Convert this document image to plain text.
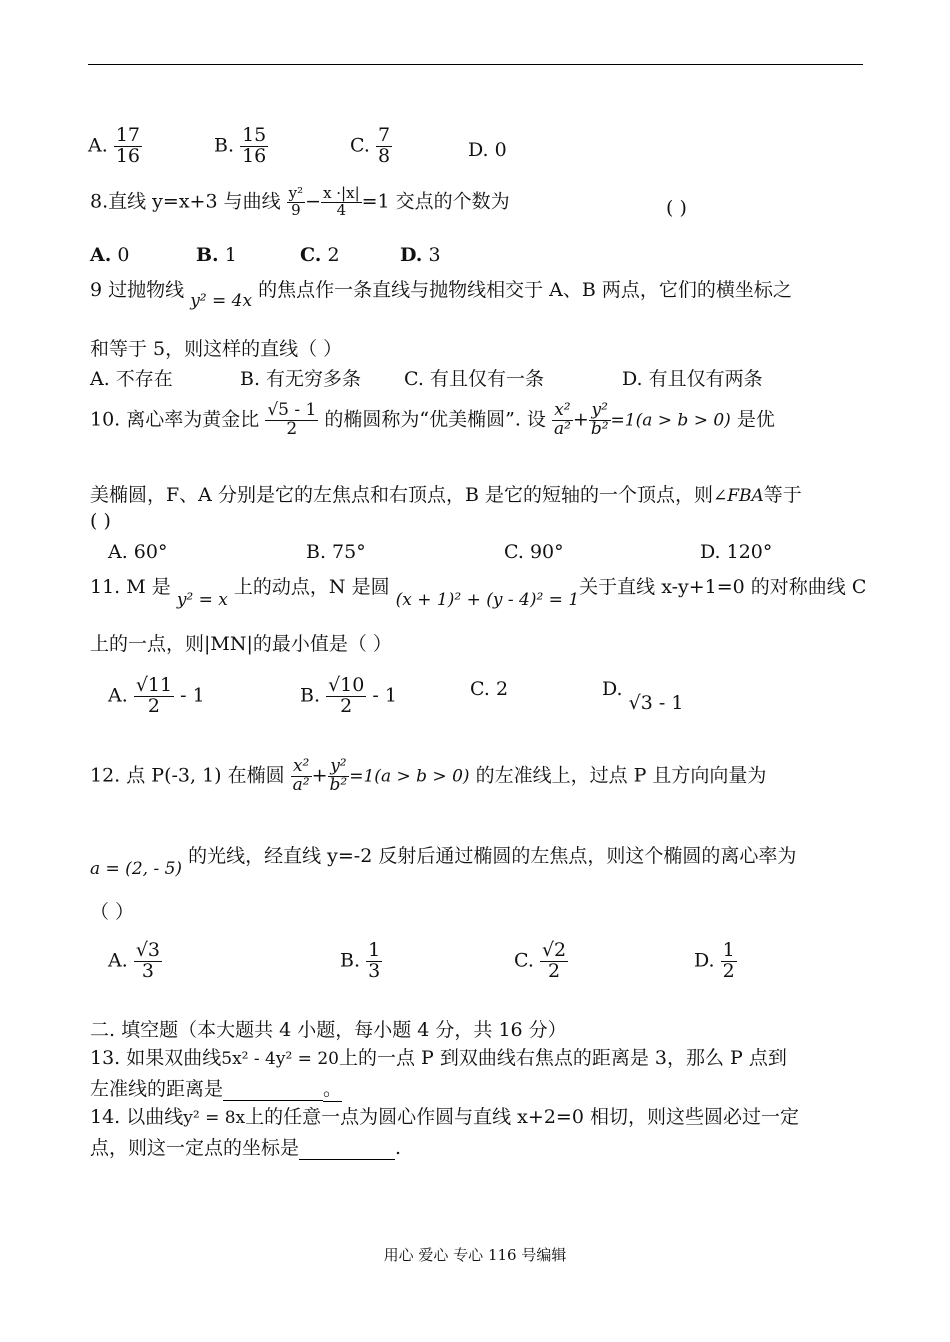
A. $\frac{17}{16}$	B. $\frac{15}{16}$	C. $\frac{7}{8}$	D. 0
8.直线 y=x+3 与曲线 $\frac{\text{y²}}{9} - \frac{x \cdot|x|}{4} =1$ 交点的个数为	( )
A. 0	B. 1	C. 2	D. 3
9 过抛物线 y² = 4x 的焦点作一条直线与抛物线相交于 A、B 两点，它们的横坐标之
和等于 5，则这样的直线（ ）
A. 不存在	B. 有无穷多条 C. 有且仅有一条	D. 有且仅有两条
10. 离心率为黄金比 $\frac{√5 - 1}{2}$ 的椭圆称为“优美椭圆”. 设 $\frac{\text{x²}}{\text{a²}} + \frac{\text{y²}}{\text{b²}} =1(a > b > 0)$ 是优
美椭圆，F、A 分别是它的左焦点和右顶点，B 是它的短轴的一个顶点，则∠FBA等于
( )
A. 60°	B. 75°	C. 90°	D. 120°
11. M 是 y² = x 上的动点，N 是圆 (x + 1)² + (y - 4)² = 1关于直线 x-y+1=0 的对称曲线 C
上的一点，则|MN|的最小值是（ ）
A. $\frac{√11}{2} - 1$	B. $\frac{√10}{2} - 1$	C. 2	D. √3 - 1
12. 点 P(-3, 1) 在椭圆 $\frac{\text{x²}}{\text{a²}} + \frac{\text{y²}}{\text{b²}} =1(a > b > 0)$ 的左准线上，过点 P 且方向向量为
a = (2, - 5) 的光线，经直线 y=-2 反射后通过椭圆的左焦点，则这个椭圆的离心率为
（ ）
A. $\frac{√3}{3}$	B. $\frac{1}{3}$	C. $\frac{√2}{2}$	D. $\frac{1}{2}$
二. 填空题（本大题共 4 小题，每小题 4 分，共 16 分）
13. 如果双曲线5x² - 4y² = 20上的一点 P 到双曲线右焦点的距离是 3，那么 P 点到
左准线的距离是	。
14. 以曲线y² = 8x上的任意一点为圆心作圆与直线 x+2=0 相切，则这些圆必过一定
点，则这一定点的坐标是	.
用心 爱心 专心 116 号编辑
